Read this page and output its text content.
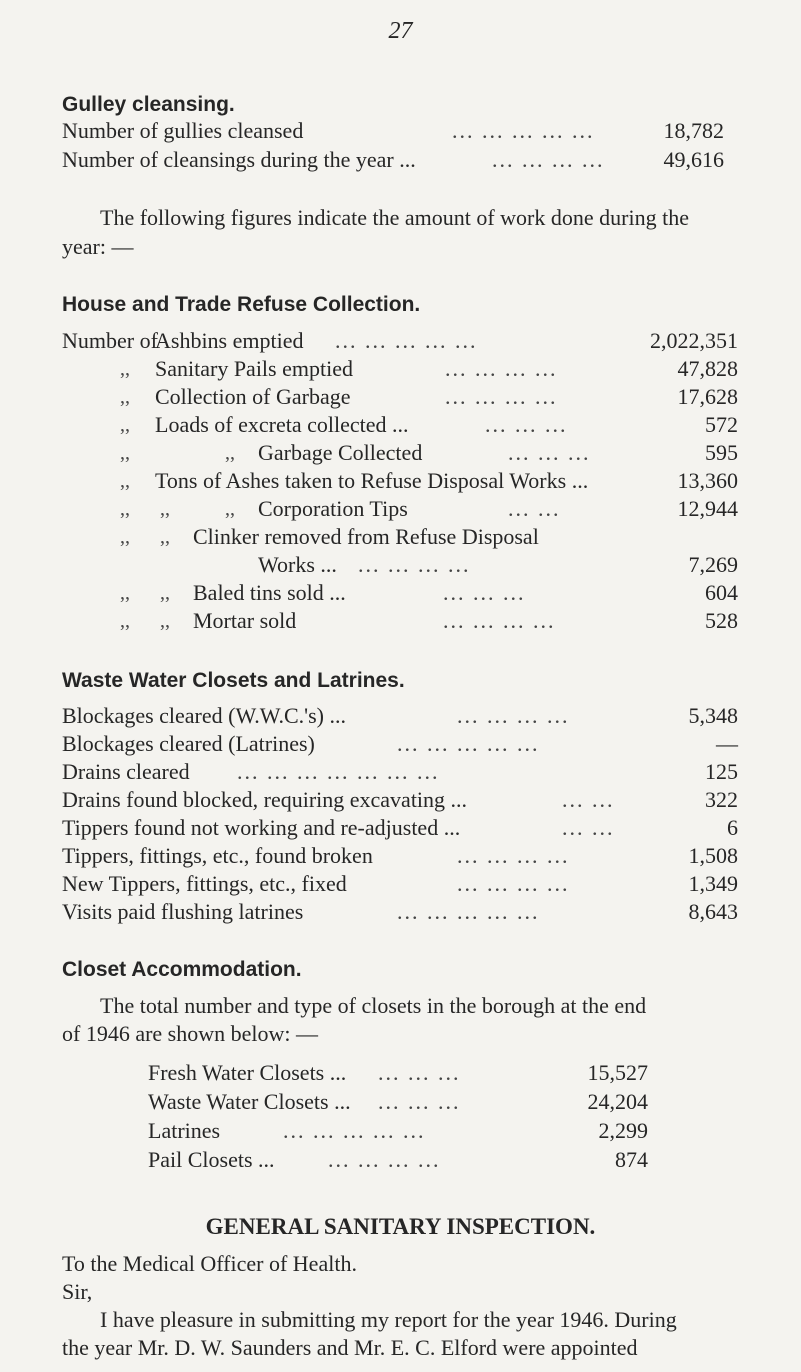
27
Gulley cleansing.
Number of gullies cleansed	... ... ... ... ...	18,782
Number of cleansings during the year ...	... ... ... ...	49,616
The following figures indicate the amount of work done during the
year: —
House and Trade Refuse Collection.
Number of
Ashbins emptied ... ... ... ... ...	2,022,351
,, Sanitary Pails emptied	... ... ... ...	47,828
,, Collection of Garbage	... ... ... ...	17,628
,, Loads of excreta collected ...	... ... ...	572
,,	,, Garbage Collected	... ... ...	595
,, Tons of Ashes taken to Refuse Disposal Works ...	13,360
,, ,,	,, Corporation Tips	... ...	12,944
,, ,, Clinker removed from Refuse Disposal
Works ... ... ... ... ...	7,269
,, ,, Baled tins sold ...	... ... ...	604
,, ,, Mortar sold	... ... ... ...	528
Waste Water Closets and Latrines.
Blockages cleared (W.W.C.'s) ...	... ... ... ...	5,348
Blockages cleared (Latrines)	... ... ... ... ...	—
Drains cleared ... ... ... ... ... ... ...	125
Drains found blocked, requiring excavating ...	... ...	322
Tippers found not working and re-adjusted ...	... ...	6
Tippers, fittings, etc., found broken	... ... ... ...	1,508
New Tippers, fittings, etc., fixed	... ... ... ...	1,349
Visits paid flushing latrines	... ... ... ... ...	8,643
Closet Accommodation.
The total number and type of closets in the borough at the end
of 1946 are shown below: —
Fresh Water Closets ... ... ... ...	15,527
Waste Water Closets ... ... ... ...	24,204
Latrines	... ... ... ... ...	2,299
Pail Closets ... ... ... ... ...	874
GENERAL SANITARY INSPECTION.
To the Medical Officer of Health.
Sir,
I have pleasure in submitting my report for the year 1946. During
the year Mr. D. W. Saunders and Mr. E. C. Elford were appointed
